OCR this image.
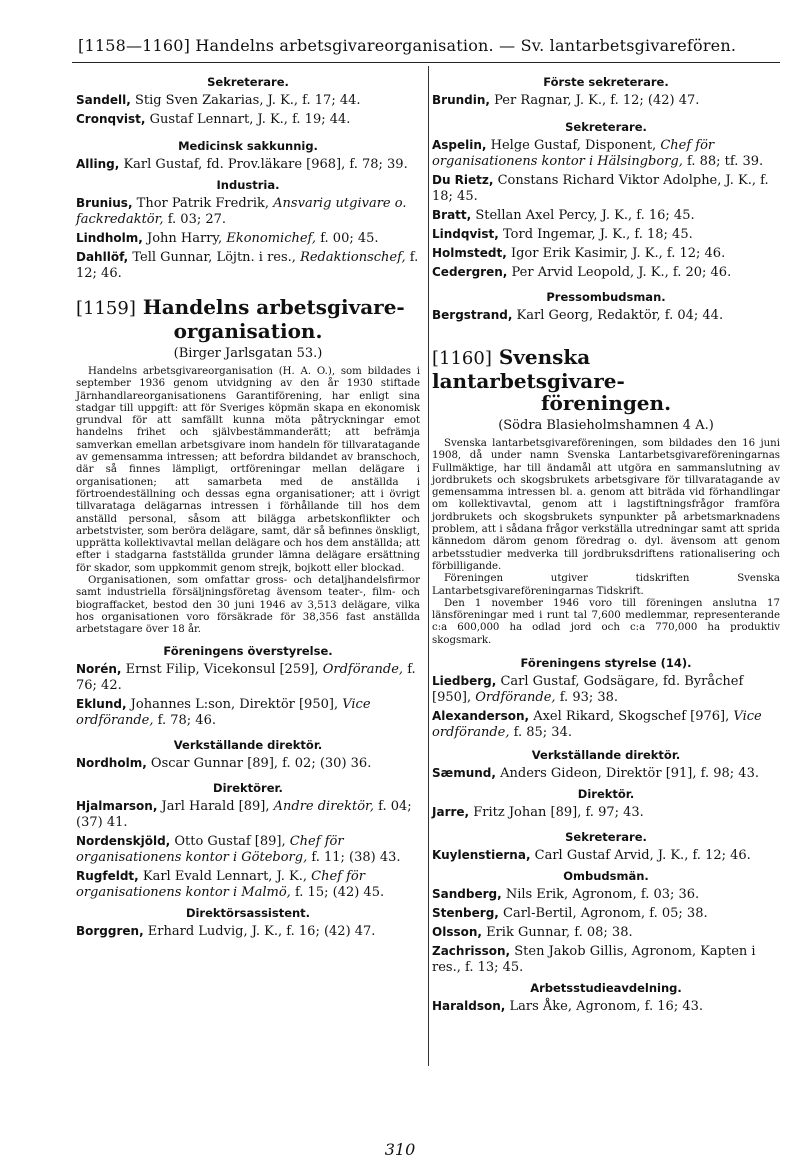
[1158—1160] Handelns arbetsgivareorganisation. — Sv. lantarbetsgivarefören.
Sekreterare.

Sandell, Stig Sven Zakarias, J. K., f. 17; 44.

Cronqvist, Gustaf Lennart, J. K., f. 19; 44.

Medicinsk sakkunnig.

Alling, Karl Gustaf, fd. Prov.läkare [968], f. 78; 39.

Industria.

Brunius, Thor Patrik Fredrik, Ansvarig utgivare o. fackredaktör, f. 03; 27.

Lindholm, John Harry, Ekonomichef, f. 00; 45.

Dahllöf, Tell Gunnar, Löjtn. i res., Redaktionschef, f. 12; 46.

[1159] Handelns arbetsgivare-
organisation.
(Birger Jarlsgatan 53.)

Handelns arbetsgivareorganisation (H. A. O.), som bildades i september 1936 genom utvidgning av den år 1930 stiftade Järnhandlareorganisationens Garantiförening, har enligt sina stadgar till uppgift: att för Sveriges köpmän skapa en ekonomisk grundval för att samfällt kunna möta påtryckningar emot handelns frihet och självbestämmanderätt; att befrämja samverkan emellan arbetsgivare inom handeln för tillvaratagande av gemensamma intressen; att befordra bildandet av branschoch, där så finnes lämpligt, ortföreningar mellan delägare i organisationen; att samarbeta med de anställda i förtroendeställning och dessas egna organisationer; att i övrigt tillvarataga delägarnas intressen i förhållande till hos dem anställd personal, såsom att biläggа arbetskonflikter och arbetstvister, som beröra delägare, samt, där så befinnes önskligt, upprätta kollektivavtal mellan delägare och hos dem anställda; att efter i stadgarna fastställda grunder lämna delägare ersättning för skador, som uppkommit genom strejk, bojkott eller blockad.

Organisationen, som omfattar gross- och detaljhandelsfirmor samt industriella försäljningsföretag ävensom teater-, film- och biograffacket, bestod den 30 juni 1946 av 3,513 delägare, vilka hos organisationen voro försäkrade för 38,356 fast anställda arbetstagare över 18 år.

Föreningens överstyrelse.

Norén, Ernst Filip, Vicekonsul [259], Ordförande, f. 76; 42.

Eklund, Johannes L:son, Direktör [950], Vice ordförande, f. 78; 46.

Verkställande direktör.

Nordholm, Oscar Gunnar [89], f. 02; (30) 36.

Direktörer.

Hjalmarson, Jarl Harald [89], Andre direktör, f. 04; (37) 41.

Nordenskjöld, Otto Gustaf [89], Chef för organisationens kontor i Göteborg, f. 11; (38) 43.

Rugfeldt, Karl Evald Lennart, J. K., Chef för organisationens kontor i Malmö, f. 15; (42) 45.

Direktörsassistent.

Borggren, Erhard Ludvig, J. K., f. 16; (42) 47.

Förste sekreterare.

Brundin, Per Ragnar, J. K., f. 12; (42) 47.

Sekreterare.

Aspelin, Helge Gustaf, Disponent, Chef för organisationens kontor i Hälsingborg, f. 88; tf. 39.

Du Rietz, Constans Richard Viktor Adolphe, J. K., f. 18; 45.

Bratt, Stellan Axel Percy, J. K., f. 16; 45.

Lindqvist, Tord Ingemar, J. K., f. 18; 45.

Holmstedt, Igor Erik Kasimir, J. K., f. 12; 46.

Cedergren, Per Arvid Leopold, J. K., f. 20; 46.

Pressombudsman.

Bergstrand, Karl Georg, Redaktör, f. 04; 44.

[1160] Svenska lantarbetsgivare-
föreningen.
(Södra Blasieholmshamnen 4 A.)

Svenska lantarbetsgivareföreningen, som bildades den 16 juni 1908, då under namn Svenska Lantarbetsgivareföreningarnas Fullmäktige, har till ändamål att utgöra en sammanslutning av jordbrukets och skogsbrukets arbetsgivare för tillvaratagande av gemensamma intressen bl. a. genom att biträda vid förhandlingar om kollektivavtal, genom att i lagstiftningsfrågor framföra jordbrukets och skogsbrukets synpunkter på arbetsmarknadens problem, att i sådana frågor verkställa utredningar samt att sprida kännedom därom genom föredrag o. dyl. ävensom att genom arbetsstudier medverka till jordbruksdriftens rationalisering och förbilligande.

Föreningen utgiver tidskriften Svenska Lantarbetsgivareföreningarnas Tidskrift.

Den 1 november 1946 voro till föreningen anslutna 17 länsföreningar med i runt tal 7,600 medlemmar, representerande c:a 600,000 ha odlad jord och c:a 770,000 ha produktiv skogsmark.

Föreningens styrelse (14).

Liedberg, Carl Gustaf, Godsägare, fd. Byråchef [950], Ordförande, f. 93; 38.

Alexanderson, Axel Rikard, Skogschef [976], Vice ordförande, f. 85; 34.

Verkställande direktör.

Sæmund, Anders Gideon, Direktör [91], f. 98; 43.

Direktör.

Jarre, Fritz Johan [89], f. 97; 43.

Sekreterare.

Kuylenstierna, Carl Gustaf Arvid, J. K., f. 12; 46.

Ombudsmän.

Sandberg, Nils Erik, Agronom, f. 03; 36.

Stenberg, Carl-Bertil, Agronom, f. 05; 38.

Olsson, Erik Gunnar, f. 08; 38.

Zachrisson, Sten Jakob Gillis, Agronom, Kapten i res., f. 13; 45.

Arbetsstudieavdelning.

Haraldson, Lars Åke, Agronom, f. 16; 43.

310
